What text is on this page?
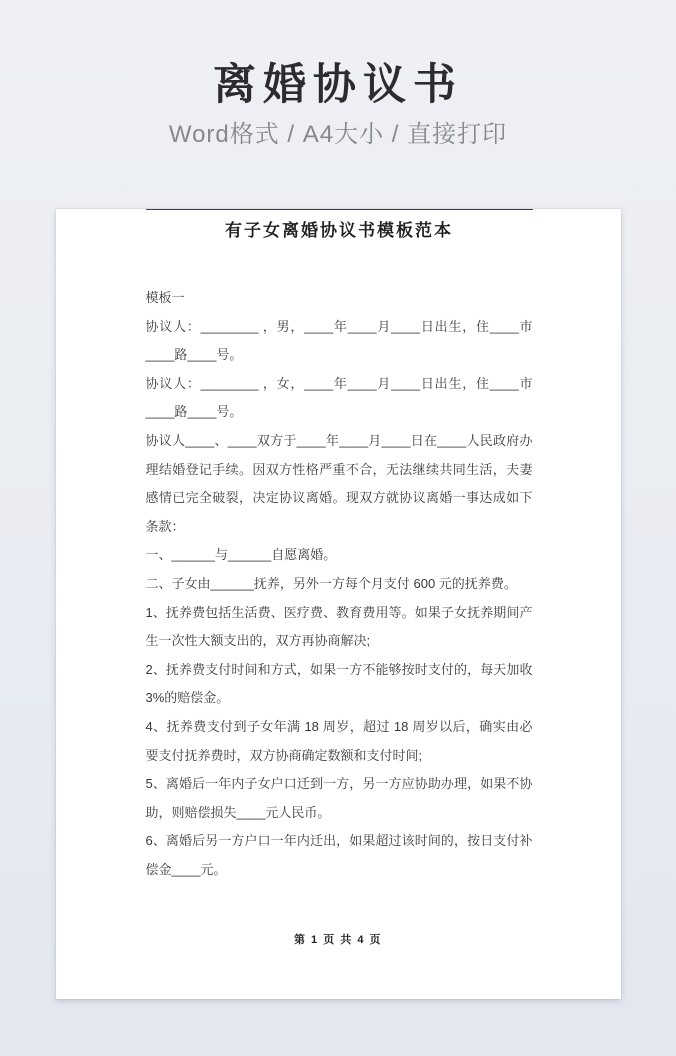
离婚协议书
Word格式 / A4大小 / 直接打印
有子女离婚协议书模板范本

模板一

协议人：________ ，男，____年____月____日出生，住____市____路____号。

协议人：________ ，女，____年____月____日出生，住____市____路____号。

协议人____、____双方于____年____月____日在____人民政府办理结婚登记手续。因双方性格严重不合，无法继续共同生活，夫妻感情已完全破裂，决定协议离婚。现双方就协议离婚一事达成如下条款：

一、______与______自愿离婚。

二、子女由______抚养，另外一方每个月支付 600 元的抚养费。

1、抚养费包括生活费、医疗费、教育费用等。如果子女抚养期间产生一次性大额支出的，双方再协商解决;

2、抚养费支付时间和方式，如果一方不能够按时支付的，每天加收3%的赔偿金。

4、抚养费支付到子女年满 18 周岁，超过 18 周岁以后，确实由必要支付抚养费时，双方协商确定数额和支付时间;

5、离婚后一年内子女户口迁到一方，另一方应协助办理，如果不协助，则赔偿损失____元人民币。

6、离婚后另一方户口一年内迁出，如果超过该时间的，按日支付补偿金____元。

第 1 页 共 4 页
